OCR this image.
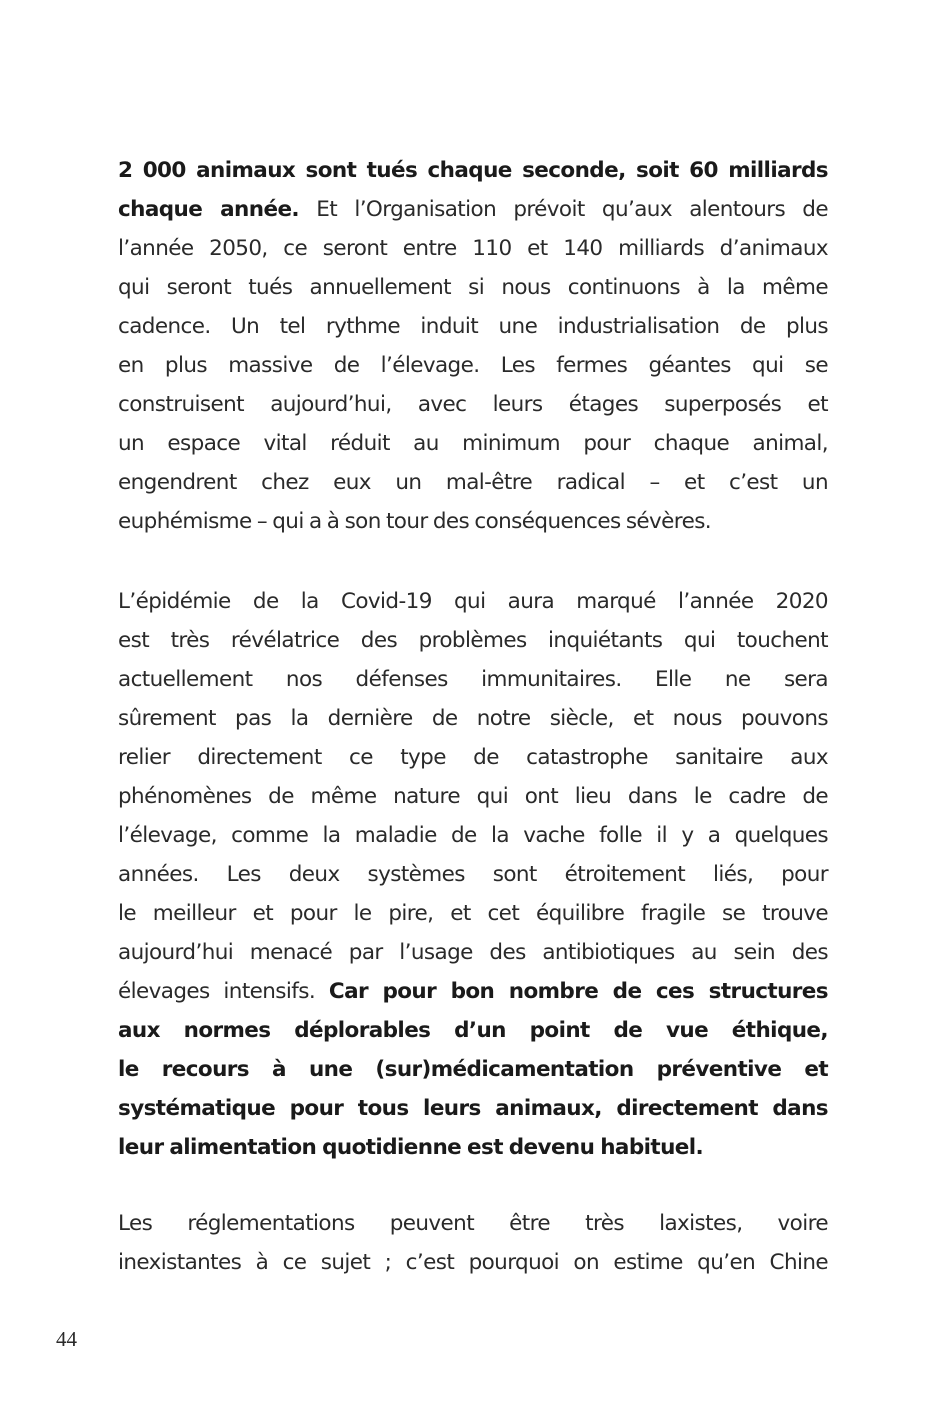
2 000 animaux sont tués chaque seconde, soit 60 milliards
chaque année. Et l’Organisation prévoit qu’aux alentours de
l’année 2050, ce seront entre 110 et 140 milliards d’animaux
qui seront tués annuellement si nous continuons à la même
cadence. Un tel rythme induit une industrialisation de plus
en plus massive de l’élevage. Les fermes géantes qui se
construisent aujourd’hui, avec leurs étages superposés et
un espace vital réduit au minimum pour chaque animal,
engendrent chez eux un mal-être radical – et c’est un
euphémisme – qui a à son tour des conséquences sévères.
L’épidémie de la Covid-19 qui aura marqué l’année 2020
est très révélatrice des problèmes inquiétants qui touchent
actuellement nos défenses immunitaires. Elle ne sera
sûrement pas la dernière de notre siècle, et nous pouvons
relier directement ce type de catastrophe sanitaire aux
phénomènes de même nature qui ont lieu dans le cadre de
l’élevage, comme la maladie de la vache folle il y a quelques
années. Les deux systèmes sont étroitement liés, pour
le meilleur et pour le pire, et cet équilibre fragile se trouve
aujourd’hui menacé par l’usage des antibiotiques au sein des
élevages intensifs. Car pour bon nombre de ces structures
aux normes déplorables d’un point de vue éthique,
le recours à une (sur)médicamentation préventive et
systématique pour tous leurs animaux, directement dans
leur alimentation quotidienne est devenu habituel.
Les réglementations peuvent être très laxistes, voire
inexistantes à ce sujet ; c’est pourquoi on estime qu’en Chine
44
